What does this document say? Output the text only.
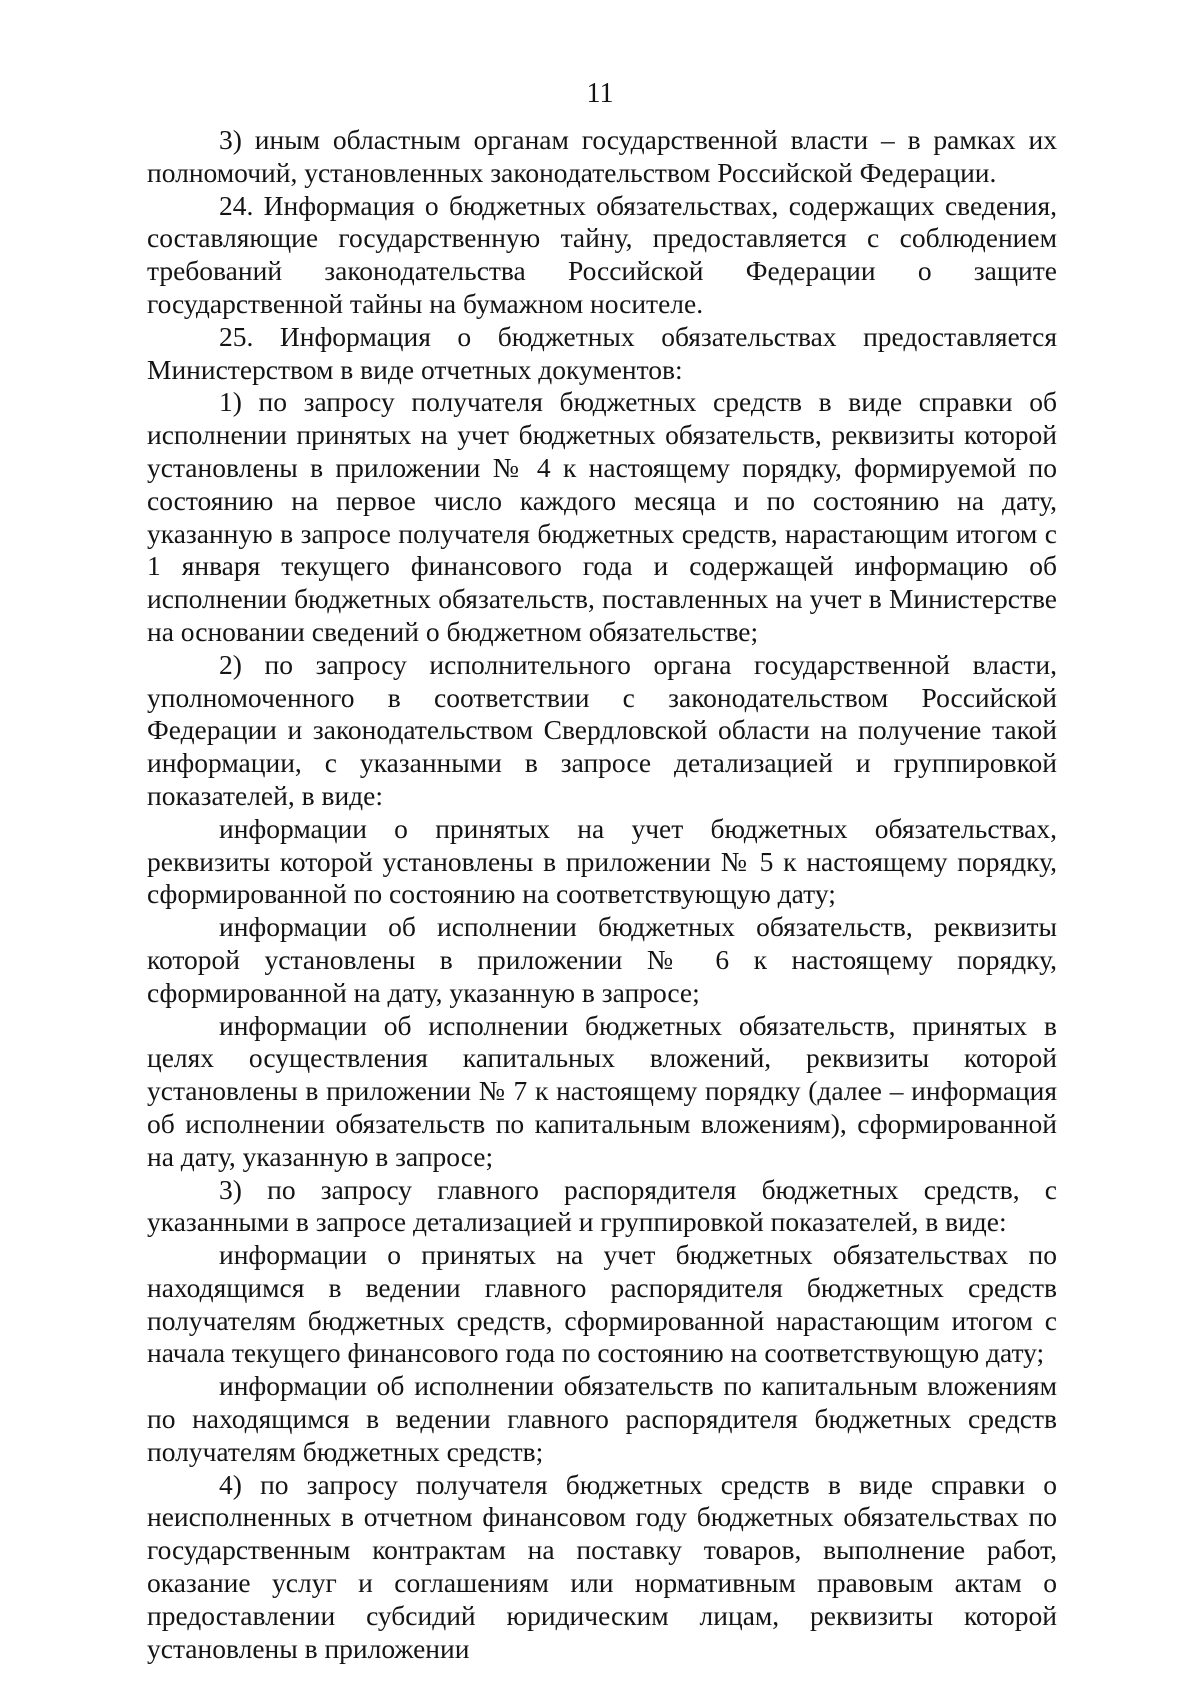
11

3) иным областным органам государственной власти – в рамках их полномочий, установленных законодательством Российской Федерации.

24. Информация о бюджетных обязательствах, содержащих сведения, составляющие государственную тайну, предоставляется с соблюдением требований законодательства Российской Федерации о защите государственной тайны на бумажном носителе.

25. Информация о бюджетных обязательствах предоставляется Министерством в виде отчетных документов:

1) по запросу получателя бюджетных средств в виде справки об исполнении принятых на учет бюджетных обязательств, реквизиты которой установлены в приложении № 4 к настоящему порядку, формируемой по состоянию на первое число каждого месяца и по состоянию на дату, указанную в запросе получателя бюджетных средств, нарастающим итогом с 1 января текущего финансового года и содержащей информацию об исполнении бюджетных обязательств, поставленных на учет в Министерстве на основании сведений о бюджетном обязательстве;

2) по запросу исполнительного органа государственной власти, уполномоченного в соответствии с законодательством Российской Федерации и законодательством Свердловской области на получение такой информации, с указанными в запросе детализацией и группировкой показателей, в виде:

информации о принятых на учет бюджетных обязательствах, реквизиты которой установлены в приложении № 5 к настоящему порядку, сформированной по состоянию на соответствующую дату;

информации об исполнении бюджетных обязательств, реквизиты которой установлены в приложении № 6 к настоящему порядку, сформированной на дату, указанную в запросе;

информации об исполнении бюджетных обязательств, принятых в целях осуществления капитальных вложений, реквизиты которой установлены в приложении № 7 к настоящему порядку (далее – информация об исполнении обязательств по капитальным вложениям), сформированной на дату, указанную в запросе;

3) по запросу главного распорядителя бюджетных средств, с указанными в запросе детализацией и группировкой показателей, в виде:

информации о принятых на учет бюджетных обязательствах по находящимся в ведении главного распорядителя бюджетных средств получателям бюджетных средств, сформированной нарастающим итогом с начала текущего финансового года по состоянию на соответствующую дату;

информации об исполнении обязательств по капитальным вложениям по находящимся в ведении главного распорядителя бюджетных средств получателям бюджетных средств;

4) по запросу получателя бюджетных средств в виде справки о неисполненных в отчетном финансовом году бюджетных обязательствах по государственным контрактам на поставку товаров, выполнение работ, оказание услуг и соглашениям или нормативным правовым актам о предоставлении субсидий юридическим лицам, реквизиты которой установлены в приложении
